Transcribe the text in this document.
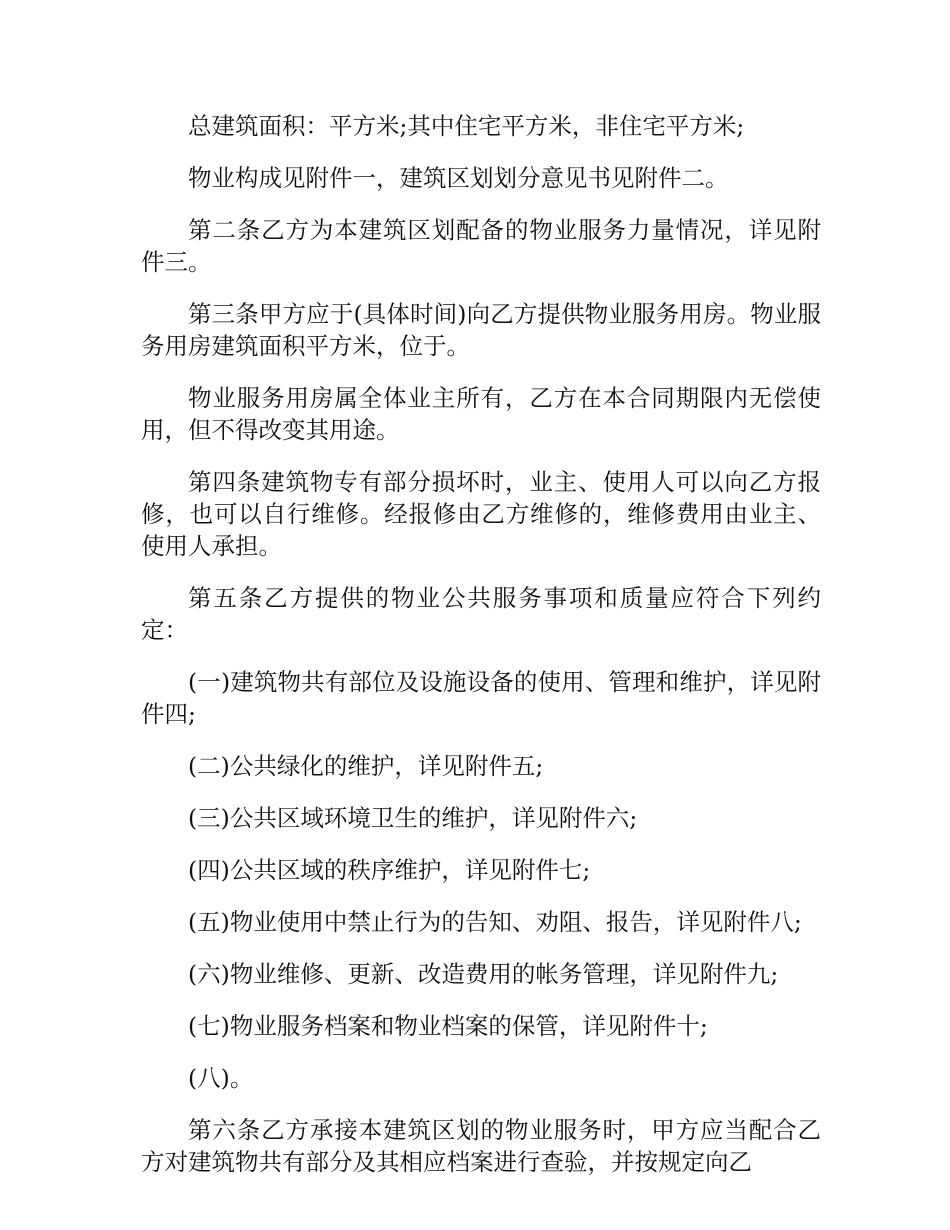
总建筑面积：平方米;其中住宅平方米，非住宅平方米;

物业构成见附件一，建筑区划划分意见书见附件二。

第二条乙方为本建筑区划配备的物业服务力量情况，详见附件三。

第三条甲方应于(具体时间)向乙方提供物业服务用房。物业服务用房建筑面积平方米，位于。

物业服务用房属全体业主所有，乙方在本合同期限内无偿使用，但不得改变其用途。

第四条建筑物专有部分损坏时，业主、使用人可以向乙方报修，也可以自行维修。经报修由乙方维修的，维修费用由业主、使用人承担。

第五条乙方提供的物业公共服务事项和质量应符合下列约定：

(一)建筑物共有部位及设施设备的使用、管理和维护，详见附件四;

(二)公共绿化的维护，详见附件五;

(三)公共区域环境卫生的维护，详见附件六;

(四)公共区域的秩序维护，详见附件七;

(五)物业使用中禁止行为的告知、劝阻、报告，详见附件八;

(六)物业维修、更新、改造费用的帐务管理，详见附件九;

(七)物业服务档案和物业档案的保管，详见附件十;

(八)。

第六条乙方承接本建筑区划的物业服务时，甲方应当配合乙方对建筑物共有部分及其相应档案进行查验，并按规定向乙
